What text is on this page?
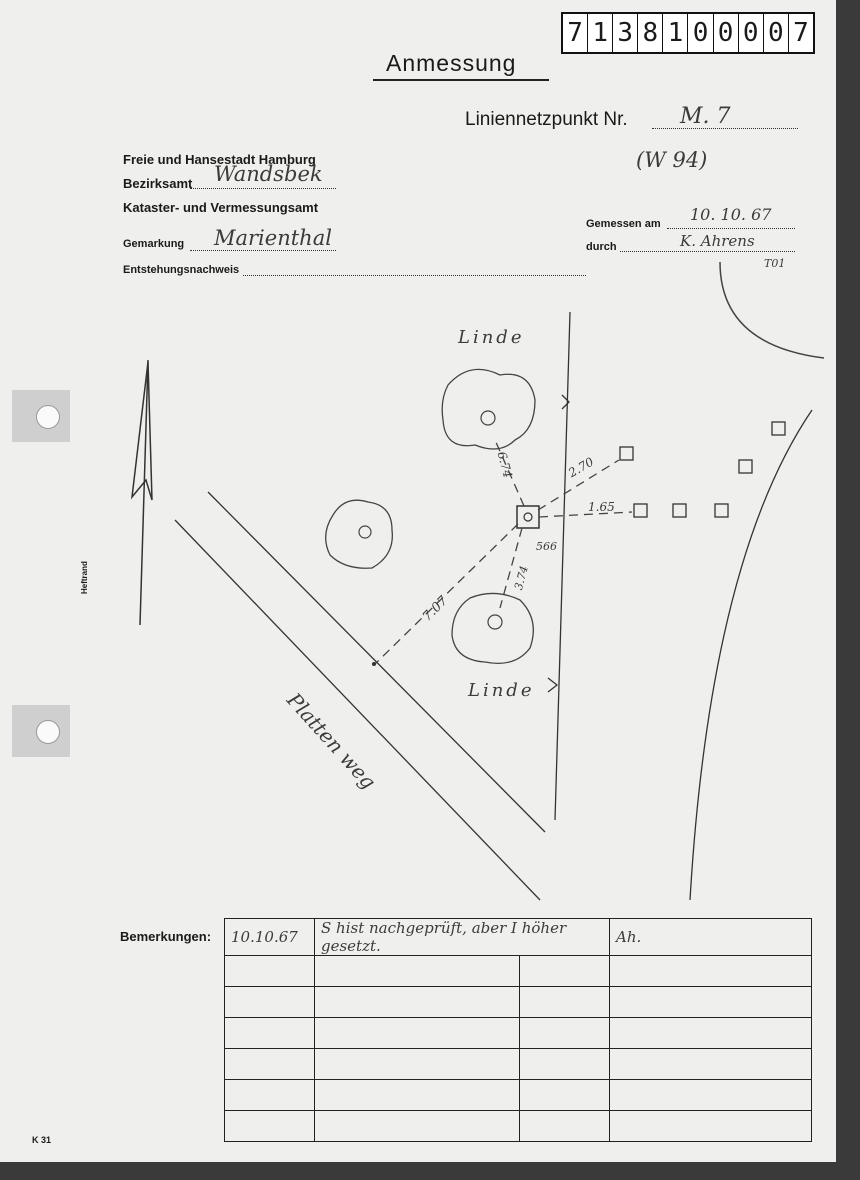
7 1 3 8 1 0 0 0 0 7
Anmessung
Liniennetzpunkt Nr. M. 7
(W 94)
Freie und Hansestadt Hamburg
Bezirksamt Wandsbek
Kataster- und Vermessungsamt
Gemarkung Marienthal
Entstehungsnachweis
Gemessen am 10. 10. 67
durch	K. Ahrens
T01
Linde
Linde
Platten weg
6.74	2.70
1.65
3.74
7.07
566
Heftrand
K 31
Bemerkungen: 10.10.67	S hist nachgeprüft, aber I höher gesetzt.		Ah.
